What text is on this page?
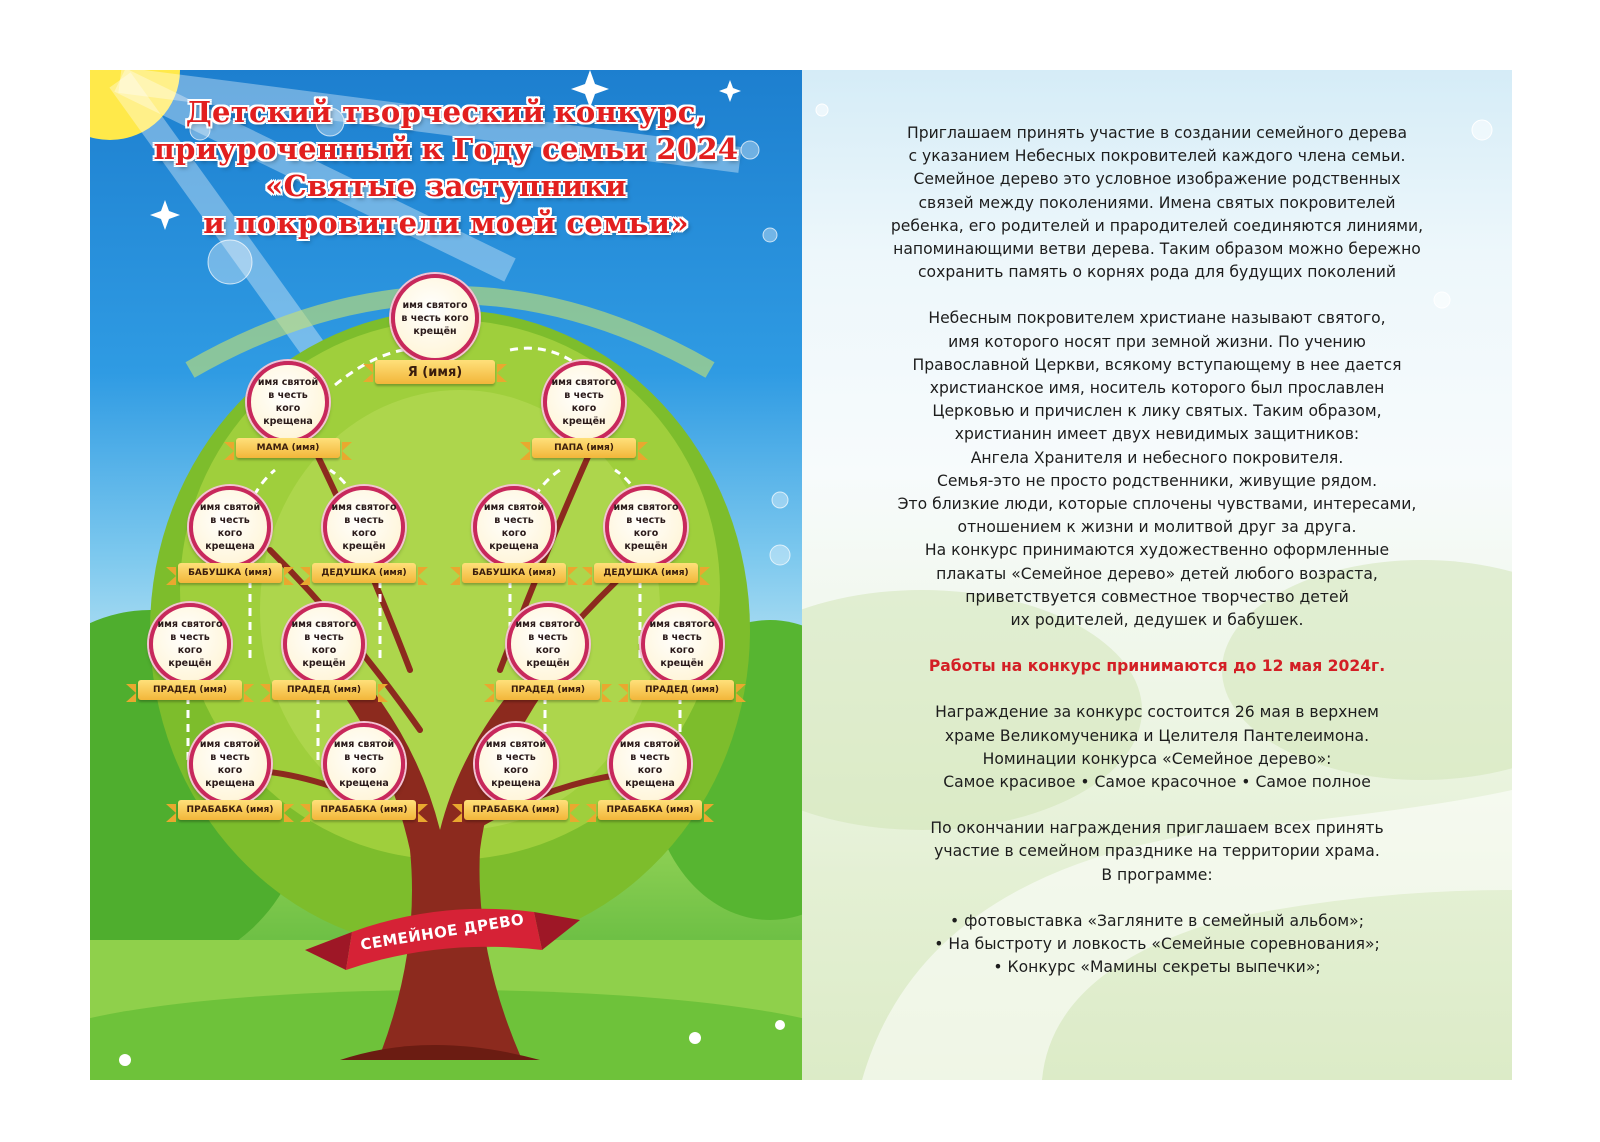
Детский творческий конкурс,
приуроченный к Году семьи 2024
«Святые заступники
и покровители моей семьи»
имя святого в честь кого крещён
Я (имя)
имя святой в честь кого крещена
МАМА (имя)
имя святого в честь кого крещён
ПАПА (имя)
имя святой в честь кого крещена
БАБУШКА (имя)
имя святого в честь кого крещён
ДЕДУШКА (имя)
имя святой в честь кого крещена
БАБУШКА (имя)
имя святого в честь кого крещён
ДЕДУШКА (имя)
имя святого в честь кого крещён
ПРАДЕД (имя)
имя святого в честь кого крещён
ПРАДЕД (имя)
имя святого в честь кого крещён
ПРАДЕД (имя)
имя святого в честь кого крещён
ПРАДЕД (имя)
имя святой в честь кого крещена
ПРАБАБКА (имя)
имя святой в честь кого крещена
ПРАБАБКА (имя)
имя святой в честь кого крещена
ПРАБАБКА (имя)
имя святой в честь кого крещена
ПРАБАБКА (имя)

СЕМЕЙНОЕ ДРЕВО

Приглашаем принять участие в создании семейного дерева
с указанием Небесных покровителей каждого члена семьи.
Семейное дерево это условное изображение родственных
связей между поколениями. Имена святых покровителей
ребенка, его родителей и прародителей соединяются линиями,
напоминающими ветви дерева. Таким образом можно бережно
сохранить память о корнях рода для будущих поколений

Небесным покровителем христиане называют святого,
имя которого носят при земной жизни. По учению
Православной Церкви, всякому вступающему в нее дается
христианское имя, носитель которого был прославлен
Церковью и причислен к лику святых. Таким образом,
христианин имеет двух невидимых защитников:
Ангела Хранителя и небесного покровителя.
Семья-это не просто родственники, живущие рядом.
Это близкие люди, которые сплочены чувствами, интересами,
отношением к жизни и молитвой друг за друга.
На конкурс принимаются художественно оформленные
плакаты «Семейное дерево» детей любого возраста,
приветствуется совместное творчество детей
их родителей, дедушек и бабушек.

Работы на конкурс принимаются до 12 мая 2024г.

Награждение за конкурс состоится 26 мая в верхнем
храме Великомученика и Целителя Пантелеимона.
Номинации конкурса «Семейное дерево»:
Самое красивое • Самое красочное • Самое полное

По окончании награждения приглашаем всех принять
участие в семейном празднике на территории храма.
В программе:

• фотовыставка «Загляните в семейный альбом»;
• На быстроту и ловкость «Семейные соревнования»;
• Конкурс «Мамины секреты выпечки»;
